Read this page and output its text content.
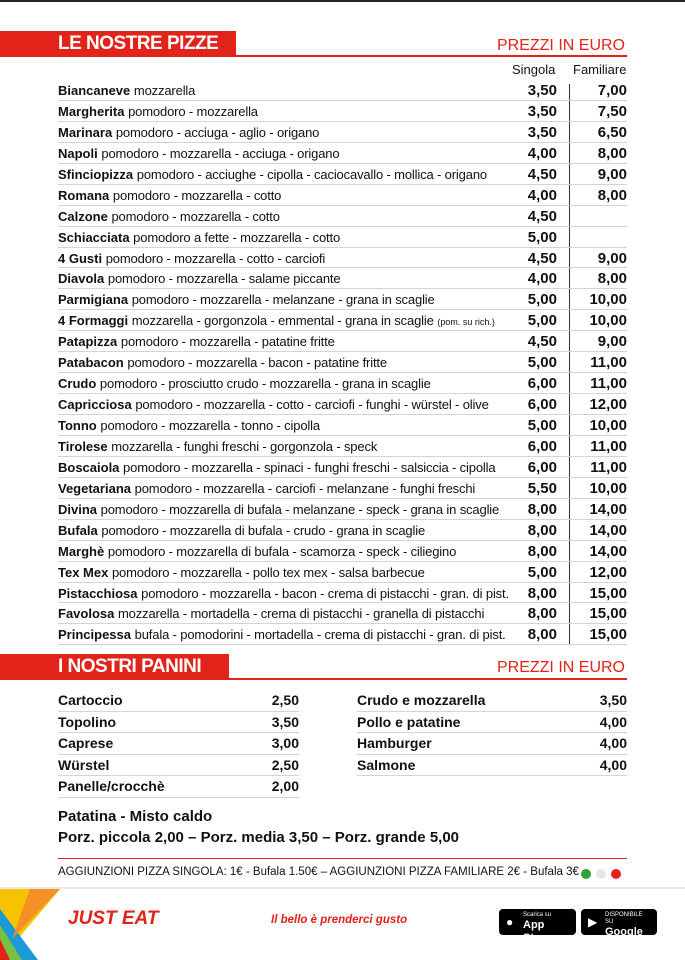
LE NOSTRE PIZZE	PREZZI IN EURO
Singola Familiare
Biancaneve mozzarella	3,50	7,00
Margherita pomodoro - mozzarella	3,50	7,50
Marinara pomodoro - acciuga - aglio - origano	3,50	6,50
Napoli pomodoro - mozzarella - acciuga - origano	4,00	8,00
Sfinciopizza pomodoro - acciughe - cipolla - caciocavallo - mollica - origano	4,50	9,00
Romana pomodoro - mozzarella - cotto	4,00	8,00
Calzone pomodoro - mozzarella - cotto	4,50
Schiacciata pomodoro a fette - mozzarella - cotto	5,00
4 Gusti pomodoro - mozzarella - cotto - carciofi	4,50	9,00
Diavola pomodoro - mozzarella - salame piccante	4,00	8,00
Parmigiana pomodoro - mozzarella - melanzane - grana in scaglie	5,00 10,00
4 Formaggi mozzarella - gorgonzola - emmental - grana in scaglie (pom. su rich.) 5,00 10,00
Patapizza pomodoro - mozzarella - patatine fritte	4,50	9,00
Patabacon pomodoro - mozzarella - bacon - patatine fritte	5,00 11,00
Crudo pomodoro - prosciutto crudo - mozzarella - grana in scaglie	6,00 11,00
Capricciosa pomodoro - mozzarella - cotto - carciofi - funghi - würstel - olive	6,00 12,00
Tonno pomodoro - mozzarella - tonno - cipolla	5,00 10,00
Tirolese mozzarella - funghi freschi - gorgonzola - speck	6,00 11,00
Boscaiola pomodoro - mozzarella - spinaci - funghi freschi - salsiccia - cipolla 6,00 11,00
Vegetariana pomodoro - mozzarella - carciofi - melanzane - funghi freschi	5,50 10,00
Divina pomodoro - mozzarella di bufala - melanzane - speck - grana in scaglie 8,00 14,00
Bufala pomodoro - mozzarella di bufala - crudo - grana in scaglie	8,00 14,00
Marghè pomodoro - mozzarella di bufala - scamorza - speck - ciliegino	8,00 14,00
Tex Mex pomodoro - mozzarella - pollo tex mex - salsa barbecue	5,00 12,00
Pistacchiosa pomodoro - mozzarella - bacon - crema di pistacchi - gran. di pist. 8,00 15,00
Favolosa mozzarella - mortadella - crema di pistacchi - granella di pistacchi	8,00 15,00
Principessa bufala - pomodorini - mortadella - crema di pistacchi - gran. di pist. 8,00 15,00
I NOSTRI PANINI	PREZZI IN EURO
Cartoccio	2,50
Topolino	3,50
Caprese	3,00
Würstel	2,50
Panelle/crocchè	2,00
Crudo e mozzarella	3,50
Pollo e patatine	4,00
Hamburger	4,00
Salmone	4,00
Patatina - Misto caldo
Porz. piccola 2,00 – Porz. media 3,50 – Porz. grande 5,00
AGGIUNZIONI PIZZA SINGOLA: 1€ - Bufala 1.50€ – AGGIUNZIONI PIZZA FAMILIARE 2€ - Bufala 3€
JUST EAT	Il bello è prenderci gusto	● Scarica su
App Store
▶ DISPONIBILE SU
Google Play
